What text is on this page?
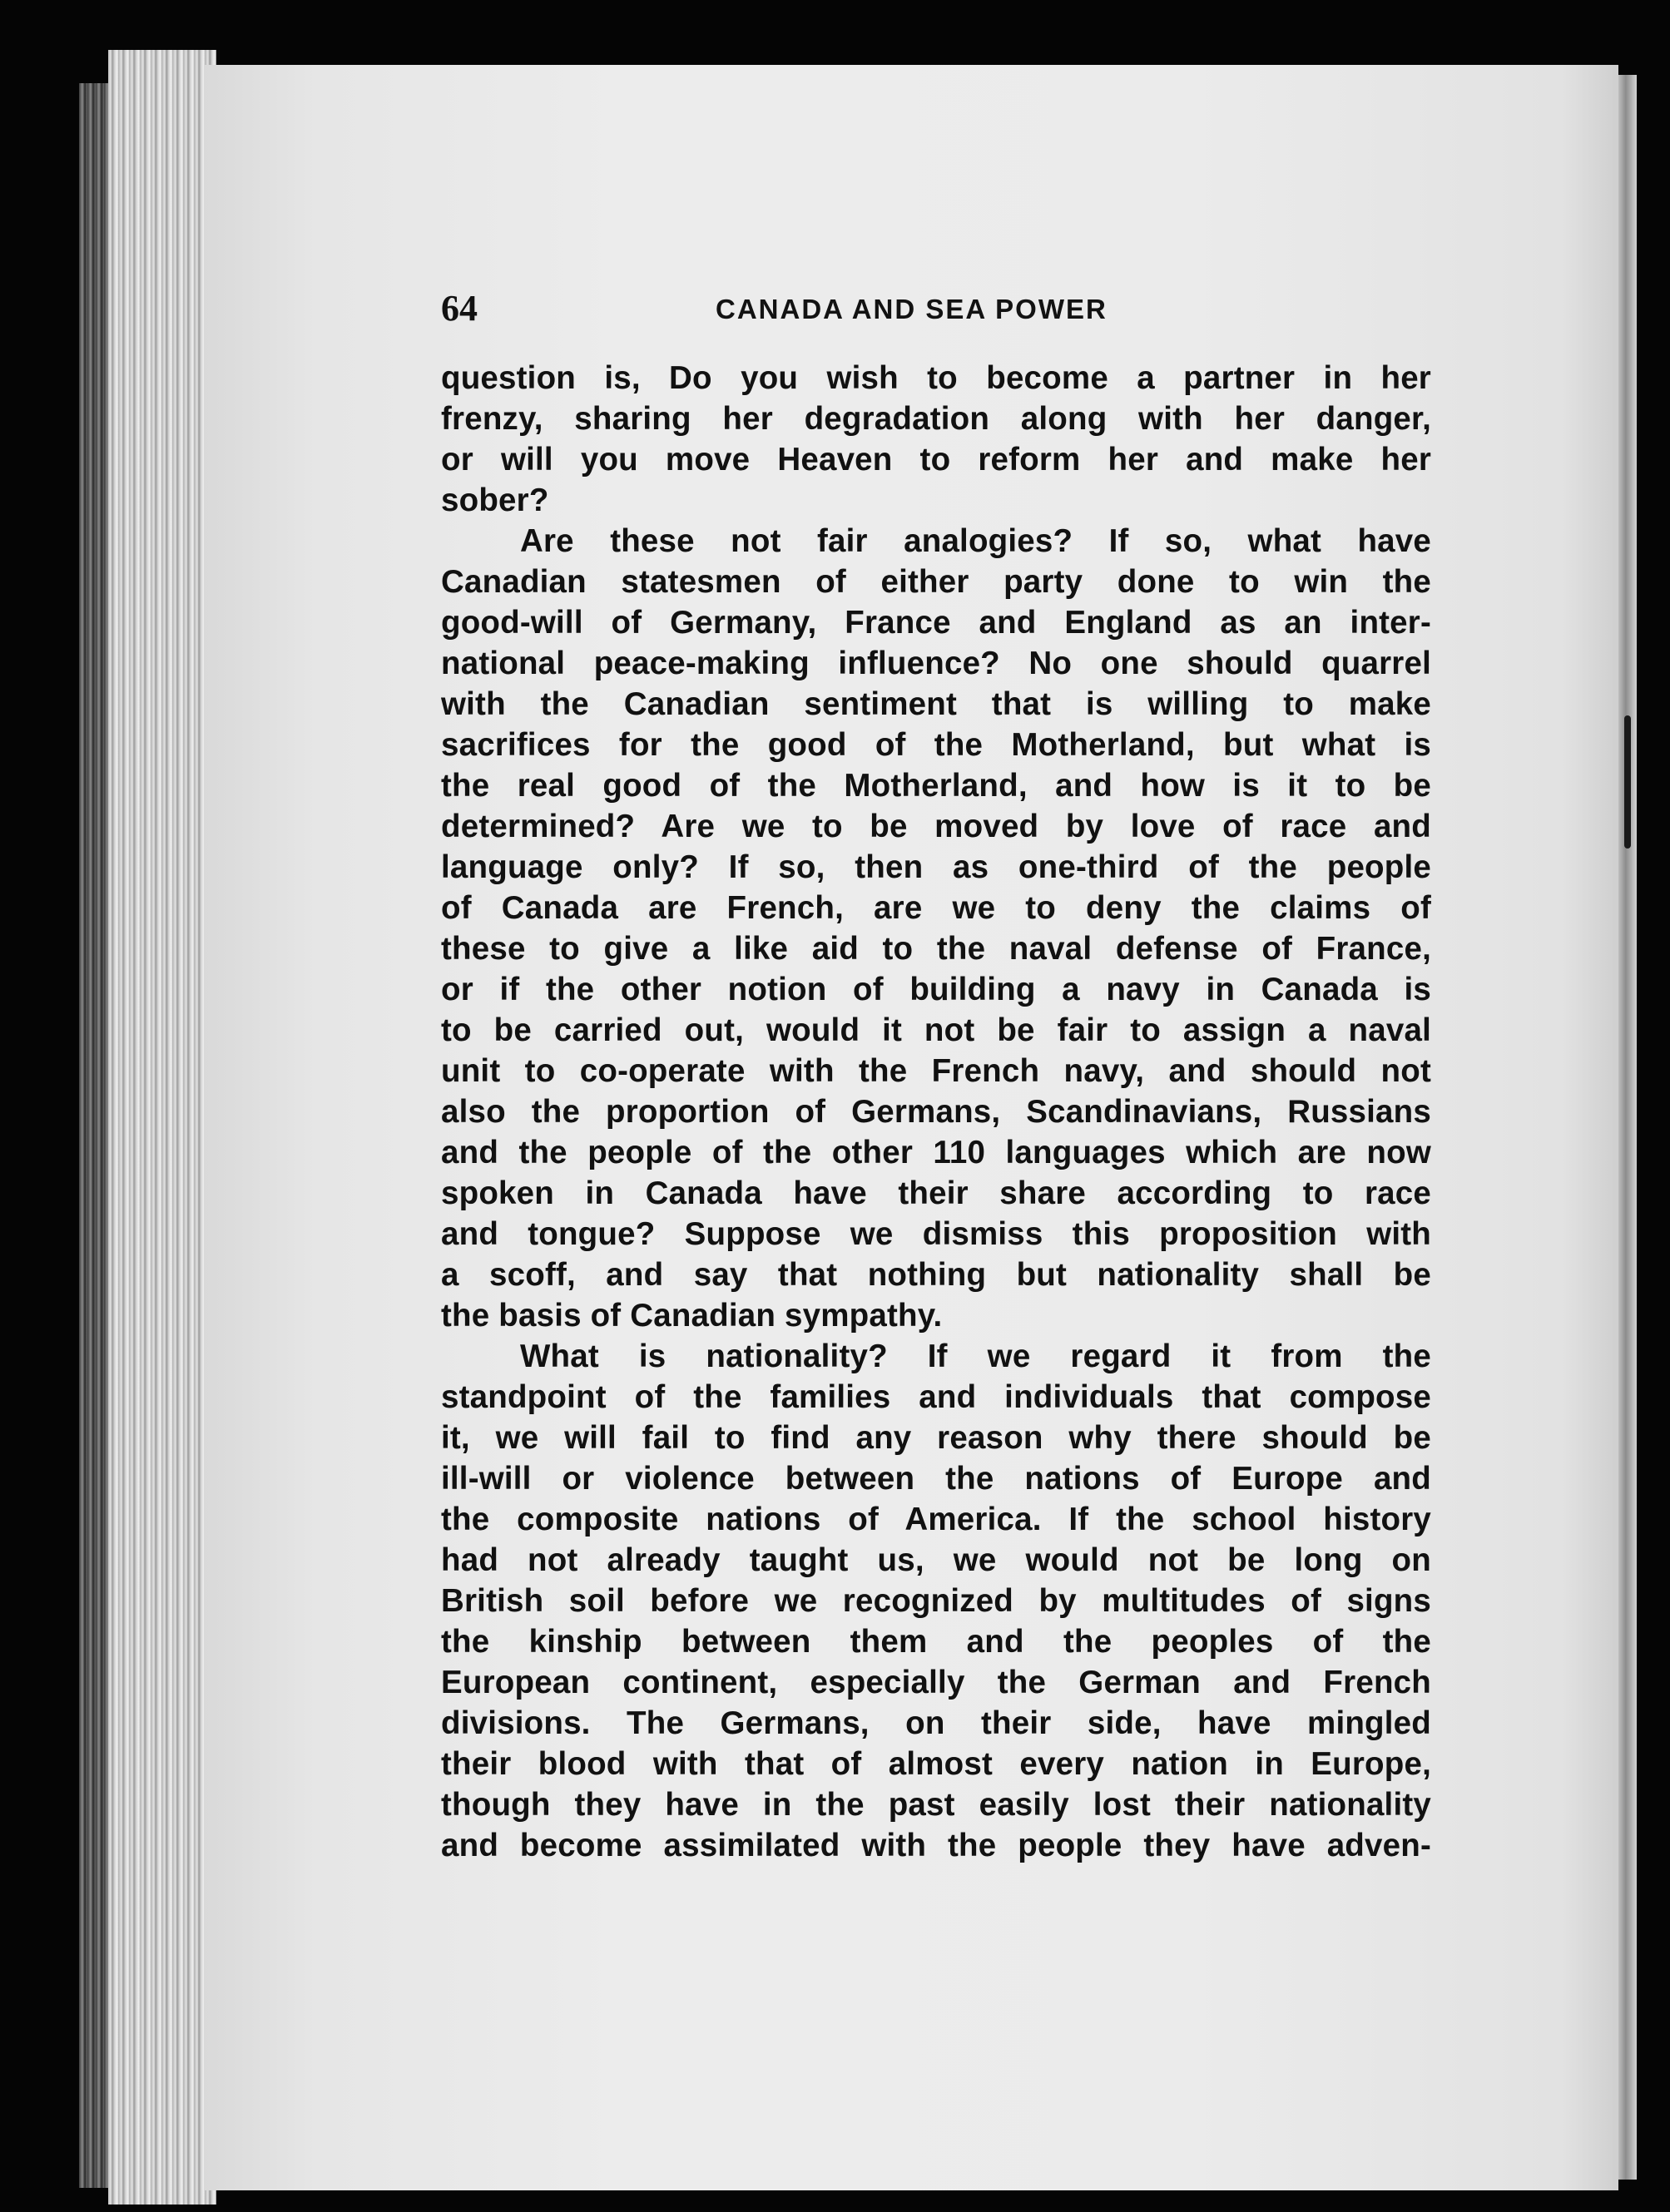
64	CANADA AND SEA POWER
question is, Do you wish to become a partner in her
frenzy, sharing her degradation along with her danger,
or will you move Heaven to reform her and make her
sober?
Are these not fair analogies? If so, what have
Canadian statesmen of either party done to win the
good-will of Germany, France and England as an inter-
national peace-making influence? No one should quarrel
with the Canadian sentiment that is willing to make
sacrifices for the good of the Motherland, but what is
the real good of the Motherland, and how is it to be
determined? Are we to be moved by love of race and
language only? If so, then as one-third of the people
of Canada are French, are we to deny the claims of
these to give a like aid to the naval defense of France,
or if the other notion of building a navy in Canada is
to be carried out, would it not be fair to assign a naval
unit to co-operate with the French navy, and should not
also the proportion of Germans, Scandinavians, Russians
and the people of the other 110 languages which are now
spoken in Canada have their share according to race
and tongue? Suppose we dismiss this proposition with
a scoff, and say that nothing but nationality shall be
the basis of Canadian sympathy.
What is nationality? If we regard it from the
standpoint of the families and individuals that compose
it, we will fail to find any reason why there should be
ill-will or violence between the nations of Europe and
the composite nations of America. If the school history
had not already taught us, we would not be long on
British soil before we recognized by multitudes of signs
the kinship between them and the peoples of the
European continent, especially the German and French
divisions. The Germans, on their side, have mingled
their blood with that of almost every nation in Europe,
though they have in the past easily lost their nationality
and become assimilated with the people they have adven-
